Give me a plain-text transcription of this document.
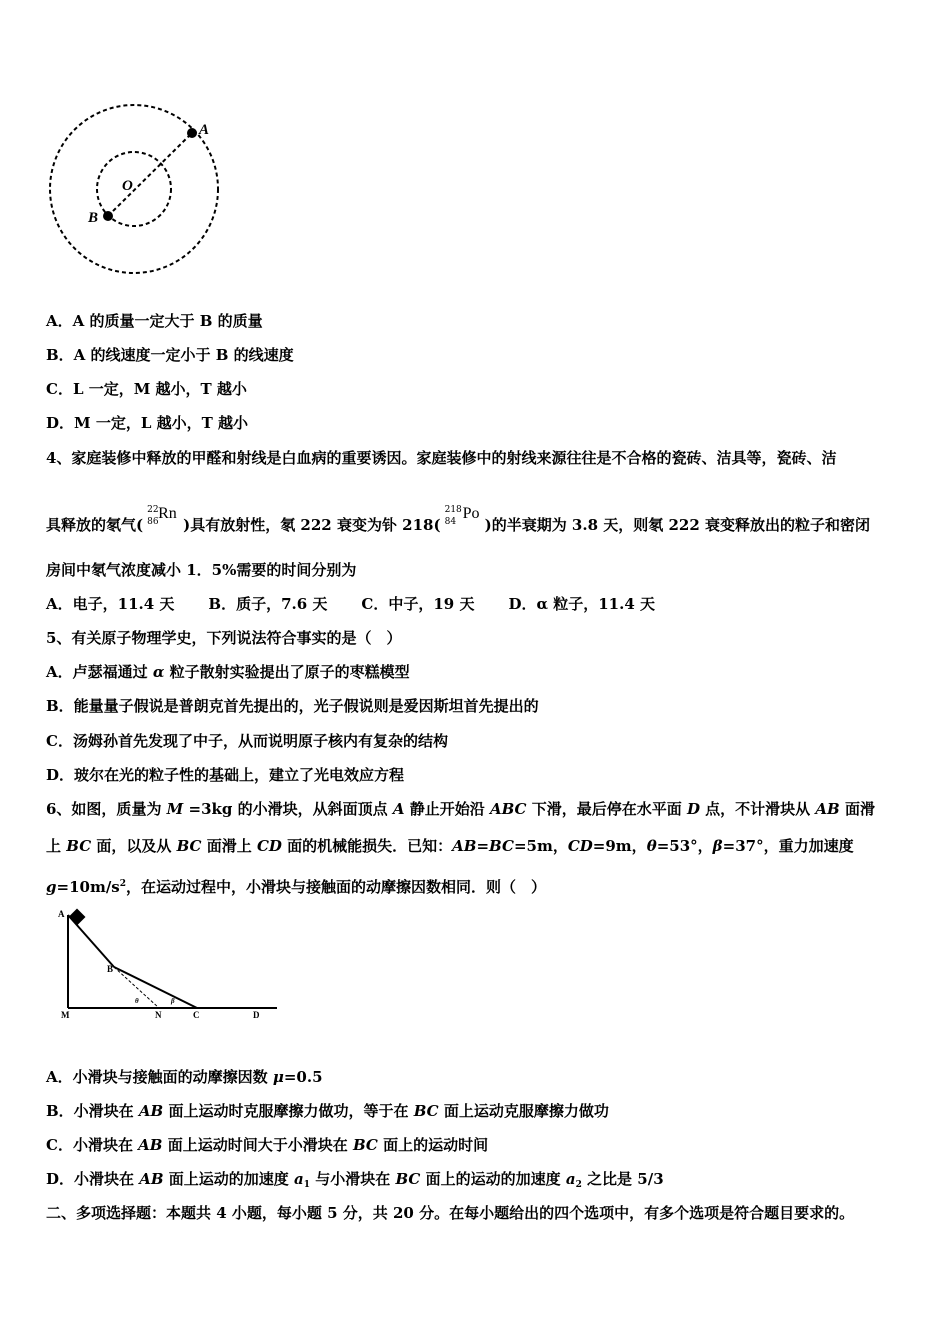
A
O
B
A．A 的质量一定大于 B 的质量
B．A 的线速度一定小于 B 的线速度
C．L 一定，M 越小，T 越小
D．M 一定，L 越小，T 越小
4、家庭装修中释放的甲醛和射线是白血病的重要诱因。家庭装修中的射线来源往往是不合格的瓷砖、洁具等，瓷砖、洁
具释放的氡气(
22
86 Rn
)具有放射性，氡 222 衰变为钋 218(
218
84 Po
)的半衰期为 3.8 天，则氡 222 衰变释放出的粒子和密闭
房间中氡气浓度减小 1．5%需要的时间分别为
A．电子，11.4 天 B．质子，7.6 天 C．中子，19 天 D．α 粒子，11.4 天
5、有关原子物理学史，下列说法符合事实的是（　）
A．卢瑟福通过 α 粒子散射实验提出了原子的枣糕模型
B．能量量子假说是普朗克首先提出的，光子假说则是爱因斯坦首先提出的
C．汤姆孙首先发现了中子，从而说明原子核内有复杂的结构
D．玻尔在光的粒子性的基础上，建立了光电效应方程
6、如图，质量为 M =3kg 的小滑块，从斜面顶点 A 静止开始沿 ABC 下滑，最后停在水平面 D 点，不计滑块从 AB 面滑
上 BC 面，以及从 BC 面滑上 CD 面的机械能损失．已知：AB=BC=5m，CD=9m，θ=53°，β=37°，重力加速度
$g=10m/s^2$，在运动过程中，小滑块与接触面的动摩擦因数相同．则（　）
A
B
M	N	C	D
θ	β
A．小滑块与接触面的动摩擦因数 μ=0.5
B．小滑块在 AB 面上运动时克服摩擦力做功，等于在 BC 面上运动克服摩擦力做功
C．小滑块在 AB 面上运动时间大于小滑块在 BC 面上的运动时间
D．小滑块在 AB 面上运动的加速度 $a_1$ 与小滑块在 BC 面上的运动的加速度 $a_2$ 之比是 5/3
二、多项选择题：本题共 4 小题，每小题 5 分，共 20 分。在每小题给出的四个选项中，有多个选项是符合题目要求的。
